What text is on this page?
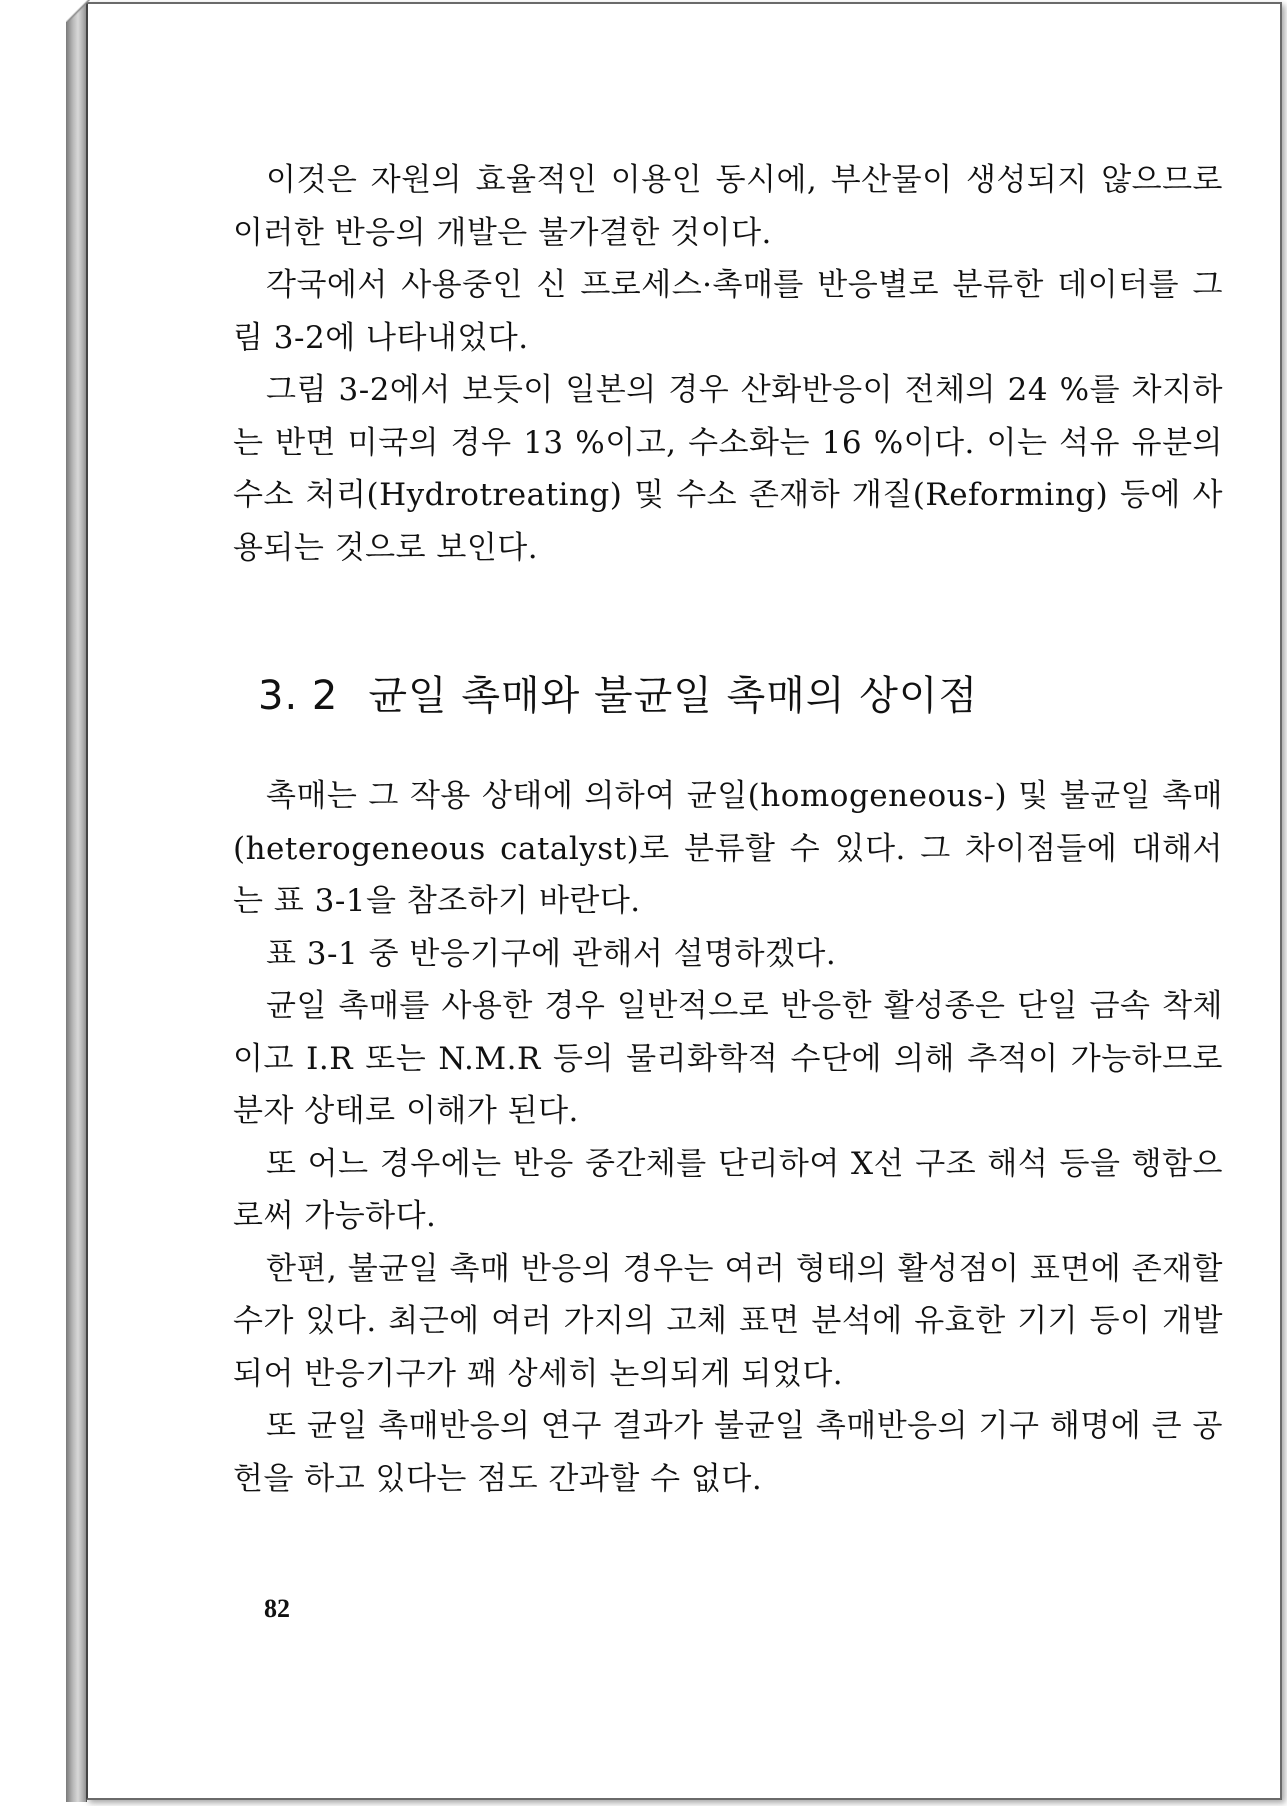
이것은 자원의 효율적인 이용인 동시에, 부산물이 생성되지 않으므로 이러한 반응의 개발은 불가결한 것이다.

각국에서 사용중인 신 프로세스·촉매를 반응별로 분류한 데이터를 그림 3-2에 나타내었다.

그림 3-2에서 보듯이 일본의 경우 산화반응이 전체의 24 %를 차지하는 반면 미국의 경우 13 %이고, 수소화는 16 %이다. 이는 석유 유분의 수소 처리(Hydrotreating) 및 수소 존재하 개질(Reforming) 등에 사용되는 것으로 보인다.

3. 2 균일 촉매와 불균일 촉매의 상이점

촉매는 그 작용 상태에 의하여 균일(homogeneous-) 및 불균일 촉매(heterogeneous catalyst)로 분류할 수 있다. 그 차이점들에 대해서는 표 3-1을 참조하기 바란다.

표 3-1 중 반응기구에 관해서 설명하겠다.

균일 촉매를 사용한 경우 일반적으로 반응한 활성종은 단일 금속 착체이고 I.R 또는 N.M.R 등의 물리화학적 수단에 의해 추적이 가능하므로 분자 상태로 이해가 된다.

또 어느 경우에는 반응 중간체를 단리하여 X선 구조 해석 등을 행함으로써 가능하다.

한편, 불균일 촉매 반응의 경우는 여러 형태의 활성점이 표면에 존재할 수가 있다. 최근에 여러 가지의 고체 표면 분석에 유효한 기기 등이 개발되어 반응기구가 꽤 상세히 논의되게 되었다.

또 균일 촉매반응의 연구 결과가 불균일 촉매반응의 기구 해명에 큰 공헌을 하고 있다는 점도 간과할 수 없다.

82
